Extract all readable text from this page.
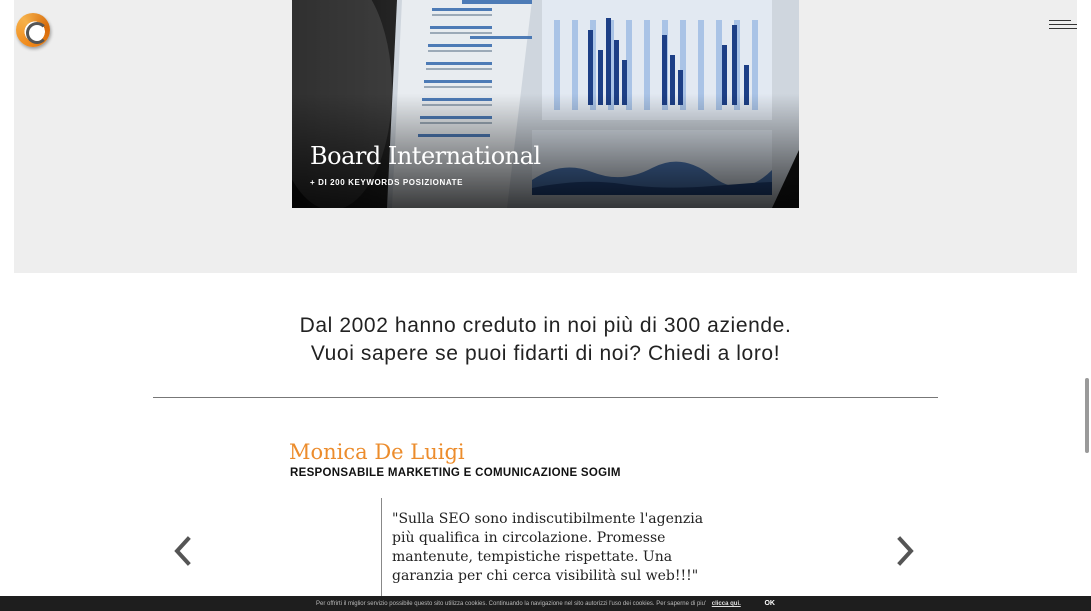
Board International
+ DI 200 KEYWORDS POSIZIONATE
Dal 2002 hanno creduto in noi più di 300 aziende.
Vuoi sapere se puoi fidarti di noi? Chiedi a loro!
Monica De Luigi
RESPONSABILE MARKETING E COMUNICAZIONE SOGIM
"Sulla SEO sono indiscutibilmente l'agenzia più qualifica in circolazione. Promesse mantenute, tempistiche rispettate. Una garanzia per chi cerca visibilità sul web!!!"
Per offrirti il miglior servizio possibile questo sito utilizza cookies. Continuando la navigazione nel sito autorizzi l'uso dei cookies. Per saperne di piu' clicca qui.	OK
